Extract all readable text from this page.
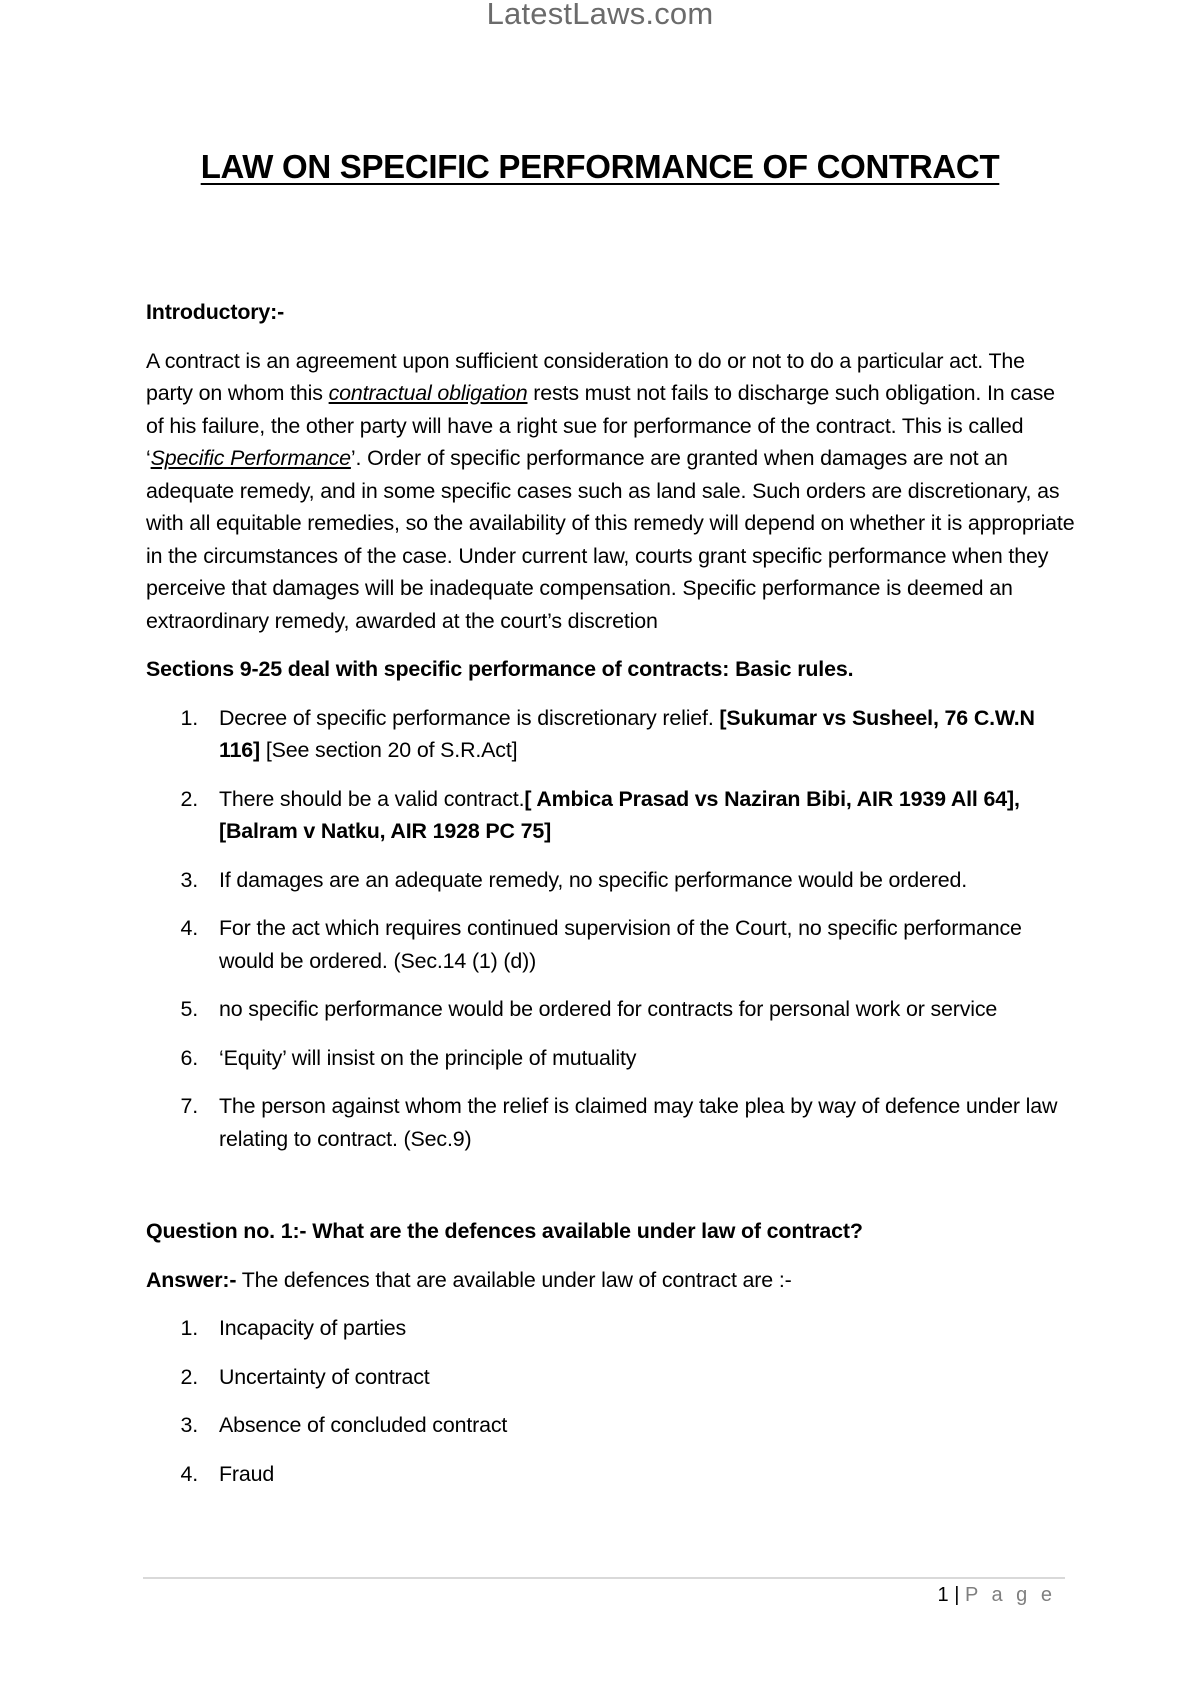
LatestLaws.com
LAW ON SPECIFIC PERFORMANCE OF CONTRACT

Introductory:-

A contract is an agreement upon sufficient consideration to do or not to do a particular act. The party on whom this contractual obligation rests must not fails to discharge such obligation. In case of his failure, the other party will have a right sue for performance of the contract. This is called ‘Specific Performance’. Order of specific performance are granted when damages are not an adequate remedy, and in some specific cases such as land sale. Such orders are discretionary, as with all equitable remedies, so the availability of this remedy will depend on whether it is appropriate in the circumstances of the case. Under current law, courts grant specific performance when they perceive that damages will be inadequate compensation. Specific performance is deemed an extraordinary remedy, awarded at the court’s discretion

Sections 9-25 deal with specific performance of contracts: Basic rules.

1. Decree of specific performance is discretionary relief. [Sukumar vs Susheel, 76 C.W.N 116] [See section 20 of S.R.Act]
2. There should be a valid contract.[ Ambica Prasad vs Naziran Bibi, AIR 1939 All 64], [Balram v Natku, AIR 1928 PC 75]
3. If damages are an adequate remedy, no specific performance would be ordered.
4. For the act which requires continued supervision of the Court, no specific performance would be ordered. (Sec.14 (1) (d))
5. no specific performance would be ordered for contracts for personal work or service
6. ‘Equity’ will insist on the principle of mutuality
7. The person against whom the relief is claimed may take plea by way of defence under law relating to contract. (Sec.9)

Question no. 1:- What are the defences available under law of contract?

Answer:- The defences that are available under law of contract are :-

1. Incapacity of parties
2. Uncertainty of contract
3. Absence of concluded contract
4. Fraud
1 | P a g e
